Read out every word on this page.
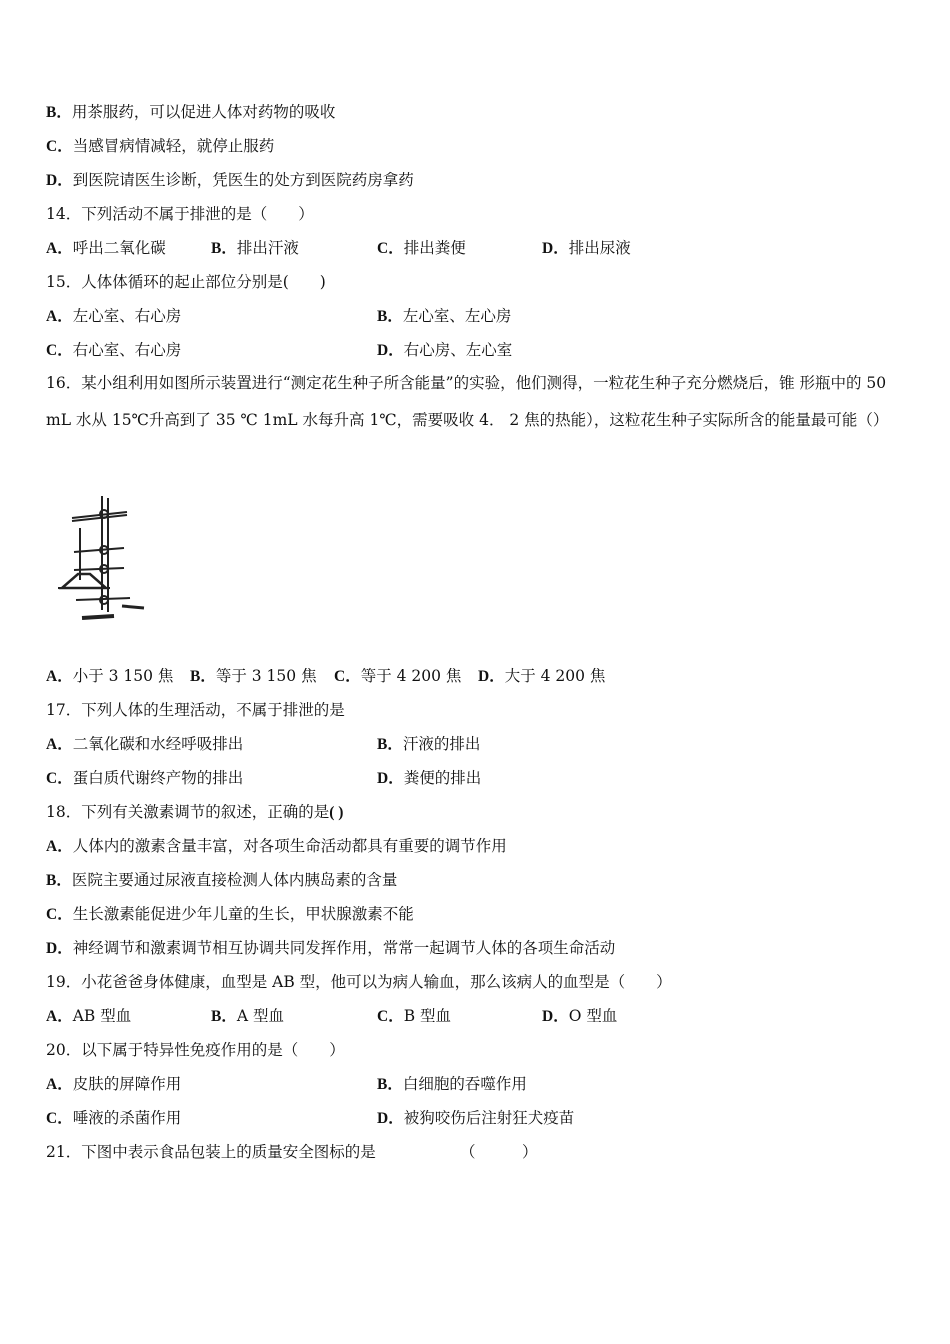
B．用茶服药，可以促进人体对药物的吸收
C．当感冒病情减轻，就停止服药
D．到医院请医生诊断，凭医生的处方到医院药房拿药
14．下列活动不属于排泄的是（　　）
A．呼出二氧化碳	B．排出汗液	C．排出粪便	D．排出尿液
15．人体体循环的起止部位分别是(　　)
A．左心室、右心房	B．左心室、左心房
C．右心室、右心房	D．右心房、左心室
16．某小组利用如图所示装置进行“测定花生种子所含能量”的实验，他们测得，一粒花生种子充分燃烧后，锥 形瓶中的 50 mL 水从 15℃升高到了 35 ℃ 1mL 水每升高 1℃，需要吸收 4． 2 焦的热能），这粒花生种子实际所含的能量最可能（）
A．小于 3 150 焦 B．等于 3 150 焦 C．等于 4 200 焦 D．大于 4 200 焦
17．下列人体的生理活动，不属于排泄的是
A．二氧化碳和水经呼吸排出	B．汗液的排出
C．蛋白质代谢终产物的排出	D．粪便的排出
18．下列有关激素调节的叙述，正确的是( )
A．人体内的激素含量丰富，对各项生命活动都具有重要的调节作用
B．医院主要通过尿液直接检测人体内胰岛素的含量
C．生长激素能促进少年儿童的生长，甲状腺激素不能
D．神经调节和激素调节相互协调共同发挥作用，常常一起调节人体的各项生命活动
19．小花爸爸身体健康，血型是 AB 型，他可以为病人输血，那么该病人的血型是（　　）
A．AB 型血	B．A 型血	C．B 型血	D．O 型血
20．以下属于特异性免疫作用的是（　　）
A．皮肤的屏障作用	B．白细胞的吞噬作用
C．唾液的杀菌作用	D．被狗咬伤后注射狂犬疫苗
21．下图中表示食品包装上的质量安全图标的是	（　　　）
